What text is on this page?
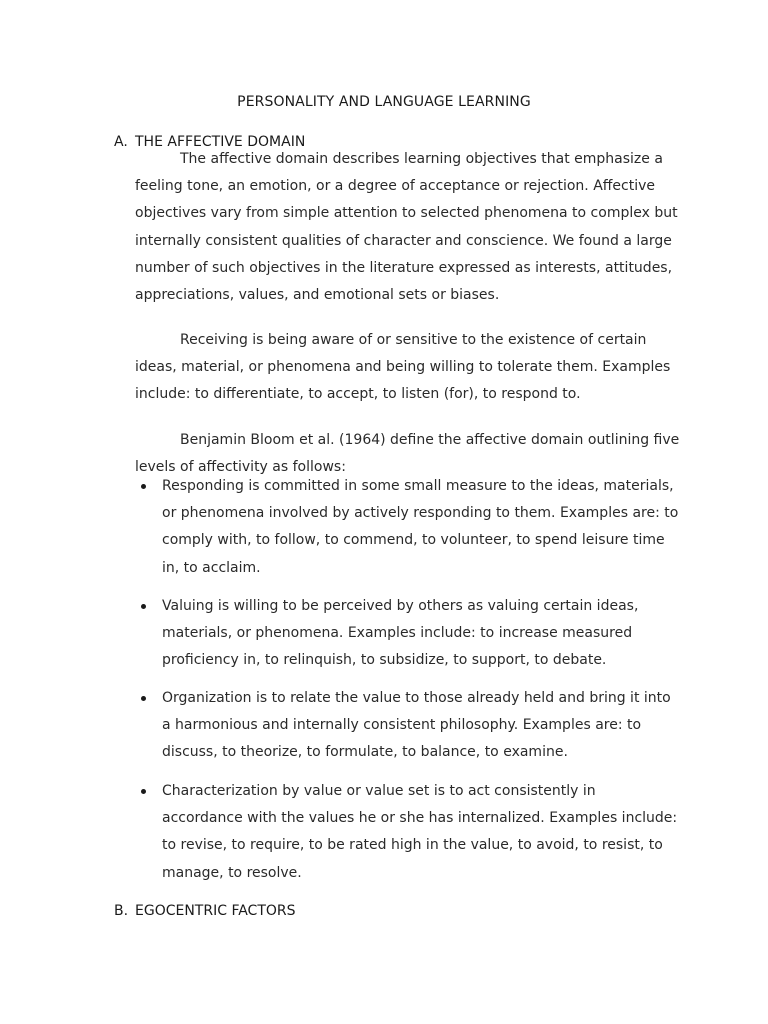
PERSONALITY AND LANGUAGE LEARNING
A. THE AFFECTIVE DOMAIN
The affective domain describes learning objectives that emphasize a feeling tone, an emotion, or a degree of acceptance or rejection. Affective objectives vary from simple attention to selected phenomena to complex but internally consistent qualities of character and conscience. We found a large number of such objectives in the literature expressed as interests, attitudes, appreciations, values, and emotional sets or biases.
Receiving is being aware of or sensitive to the existence of certain ideas, material, or phenomena and being willing to tolerate them. Examples include: to differentiate, to accept, to listen (for), to respond to.
Benjamin Bloom et al. (1964) define the affective domain outlining five levels of affectivity as follows:
Responding is committed in some small measure to the ideas, materials, or phenomena involved by actively responding to them. Examples are: to comply with, to follow, to commend, to volunteer, to spend leisure time in, to acclaim.
Valuing is willing to be perceived by others as valuing certain ideas, materials, or phenomena. Examples include: to increase measured proficiency in, to relinquish, to subsidize, to support, to debate.
Organization is to relate the value to those already held and bring it into a harmonious and internally consistent philosophy. Examples are: to discuss, to theorize, to formulate, to balance, to examine.
Characterization by value or value set is to act consistently in accordance with the values he or she has internalized. Examples include: to revise, to require, to be rated high in the value, to avoid, to resist, to manage, to resolve.
B. EGOCENTRIC FACTORS
